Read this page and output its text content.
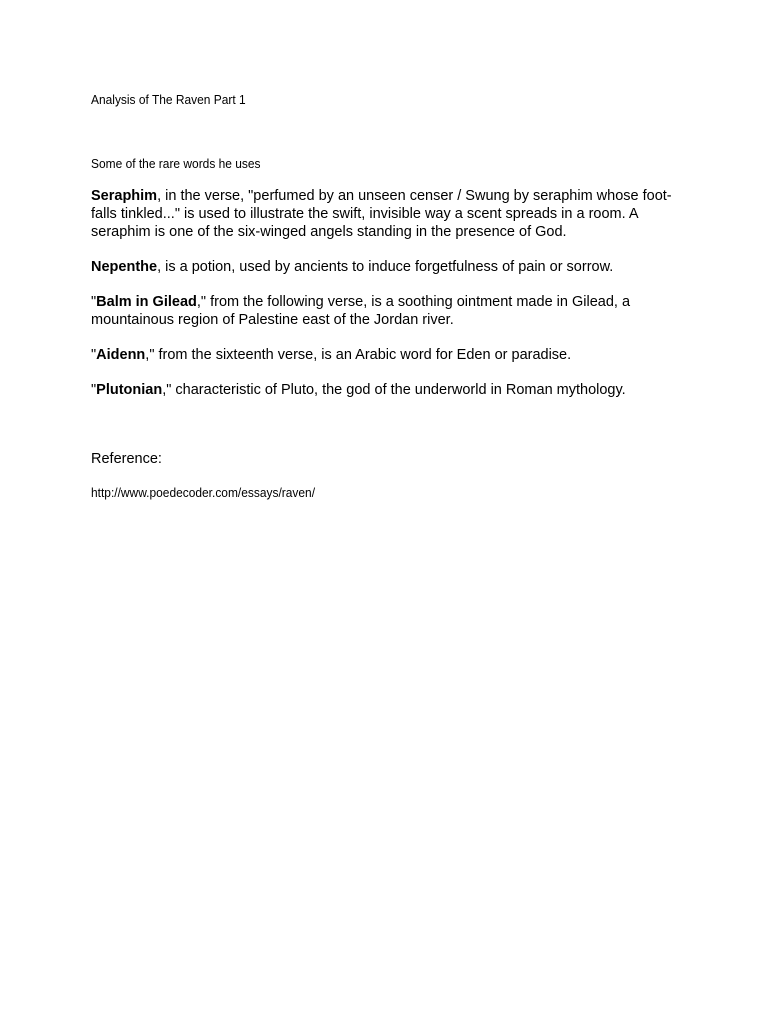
Analysis of The Raven Part 1
Some of the rare words he uses
Seraphim, in the verse, "perfumed by an unseen censer / Swung by seraphim whose foot-falls tinkled..." is used to illustrate the swift, invisible way a scent spreads in a room. A seraphim is one of the six-winged angels standing in the presence of God.
Nepenthe, is a potion, used by ancients to induce forgetfulness of pain or sorrow.
"Balm in Gilead," from the following verse, is a soothing ointment made in Gilead, a mountainous region of Palestine east of the Jordan river.
"Aidenn," from the sixteenth verse, is an Arabic word for Eden or paradise.
"Plutonian," characteristic of Pluto, the god of the underworld in Roman mythology.
Reference:
http://www.poedecoder.com/essays/raven/
